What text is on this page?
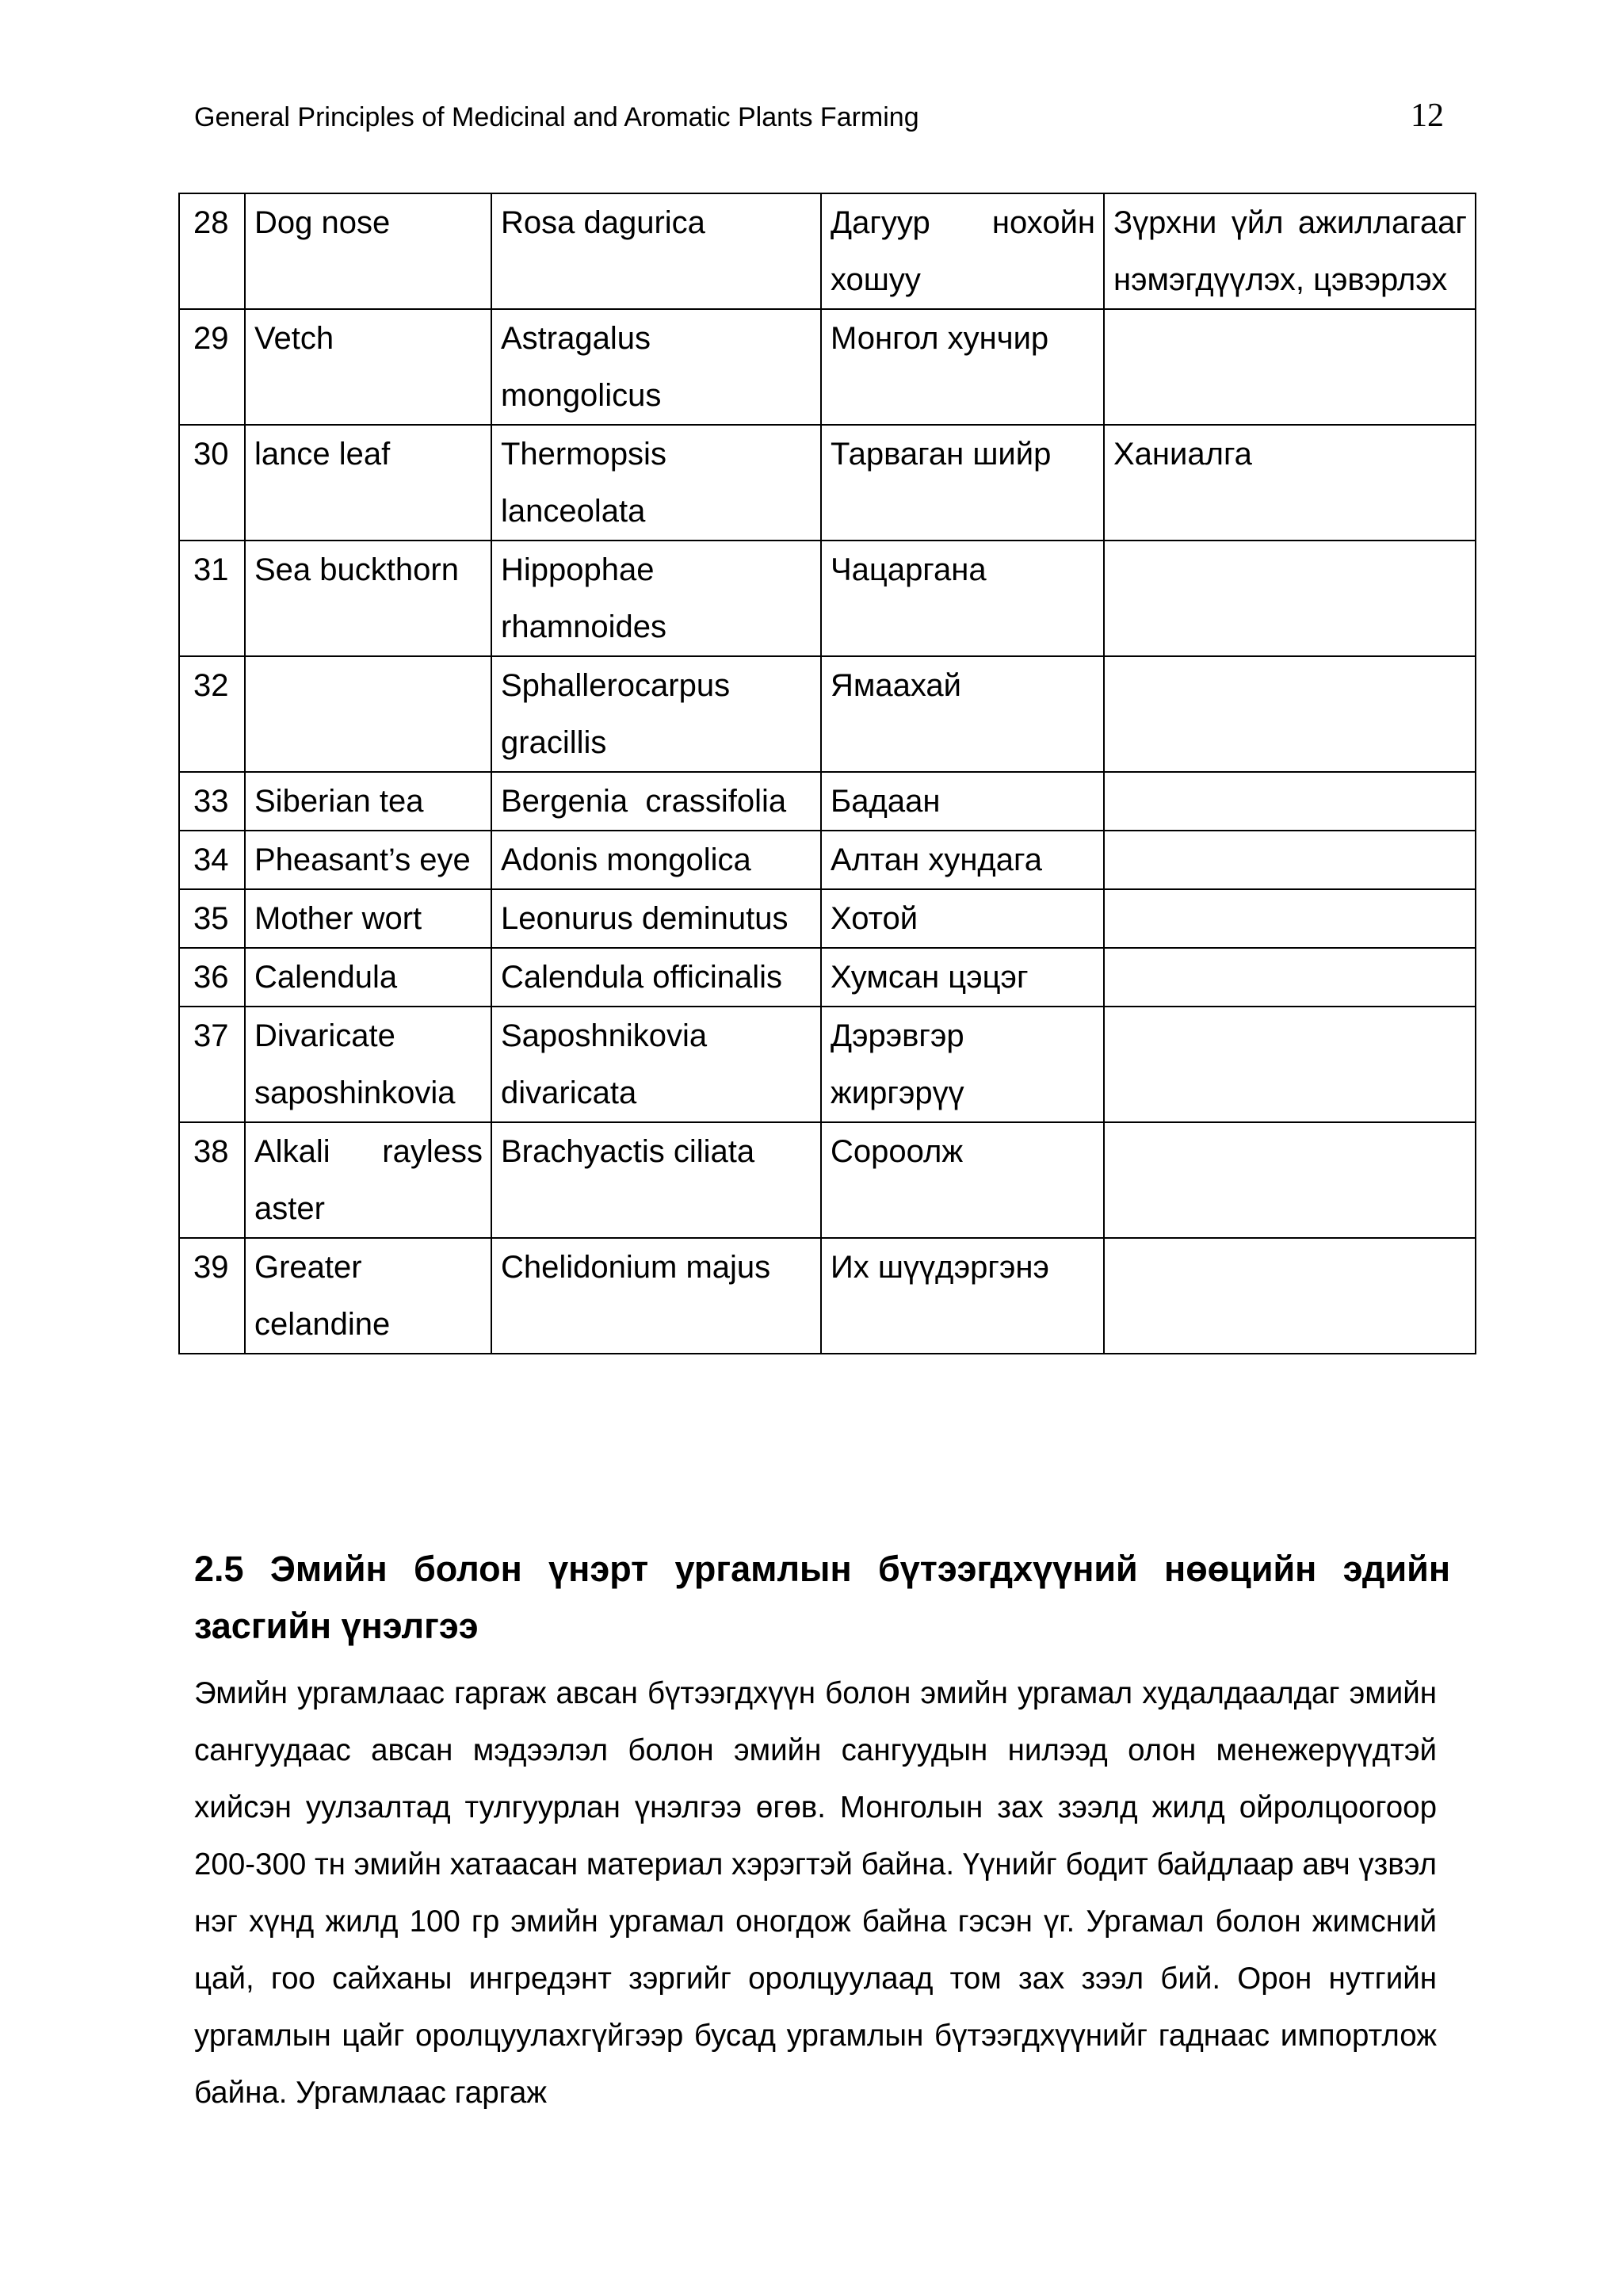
General Principles of Medicinal and Aromatic Plants Farming	12
28	Dog nose	Rosa dagurica	Дагуур нохойн хошуу	Зүрхни үйл ажиллагааг нэмэгдүүлэх, цэвэрлэх
29	Vetch	Astragalus mongolicus	Монгол хунчир	
30	lance leaf	Thermopsis lanceolata	Тарваган шийр	Ханиалга
31	Sea buckthorn	Hippophae rhamnoides	Чацаргана	
32		Sphallerocarpus gracillis	Ямаахай	
33	Siberian tea	Bergenia  crassifolia	Бадаан	
34	Pheasant’s eye	Adonis mongolica	Алтан хундага	
35	Mother wort	Leonurus deminutus	Хотой	
36	Calendula	Calendula officinalis	Хумсан цэцэг	
37	Divaricate saposhinkovia	Saposhnikovia divaricata	Дэрэвгэр жиргэрүү	
38	Alkali rayless aster	Brachyactis ciliata	Сороолж	
39	Greater celandine	Chelidonium majus	Их шүүдэргэнэ	
2.5 Эмийн болон үнэрт ургамлын бүтээгдхүүний нөөцийн эдийн засгийн үнэлгээ

Эмийн ургамлаас гаргаж авсан бүтээгдхүүн болон эмийн ургамал худалдаалдаг эмийн сангуудаас авсан мэдээлэл болон эмийн сангуудын нилээд олон менежерүүдтэй хийсэн уулзалтад тулгуурлан үнэлгээ өгөв. Монголын зах зээлд жилд ойролцоогоор 200-300 тн эмийн хатаасан материал хэрэгтэй байна. Үүнийг бодит байдлаар авч үзвэл нэг хүнд жилд 100 гр эмийн ургамал оногдож байна гэсэн үг. Ургамал болон жимсний цай, гоо сайханы ингредэнт зэргийг оролцуулаад том зах зээл бий. Орон нутгийн ургамлын цайг оролцуулахгүйгээр бусад ургамлын бүтээгдхүүнийг гаднаас импортлож байна. Ургамлаас гаргаж
